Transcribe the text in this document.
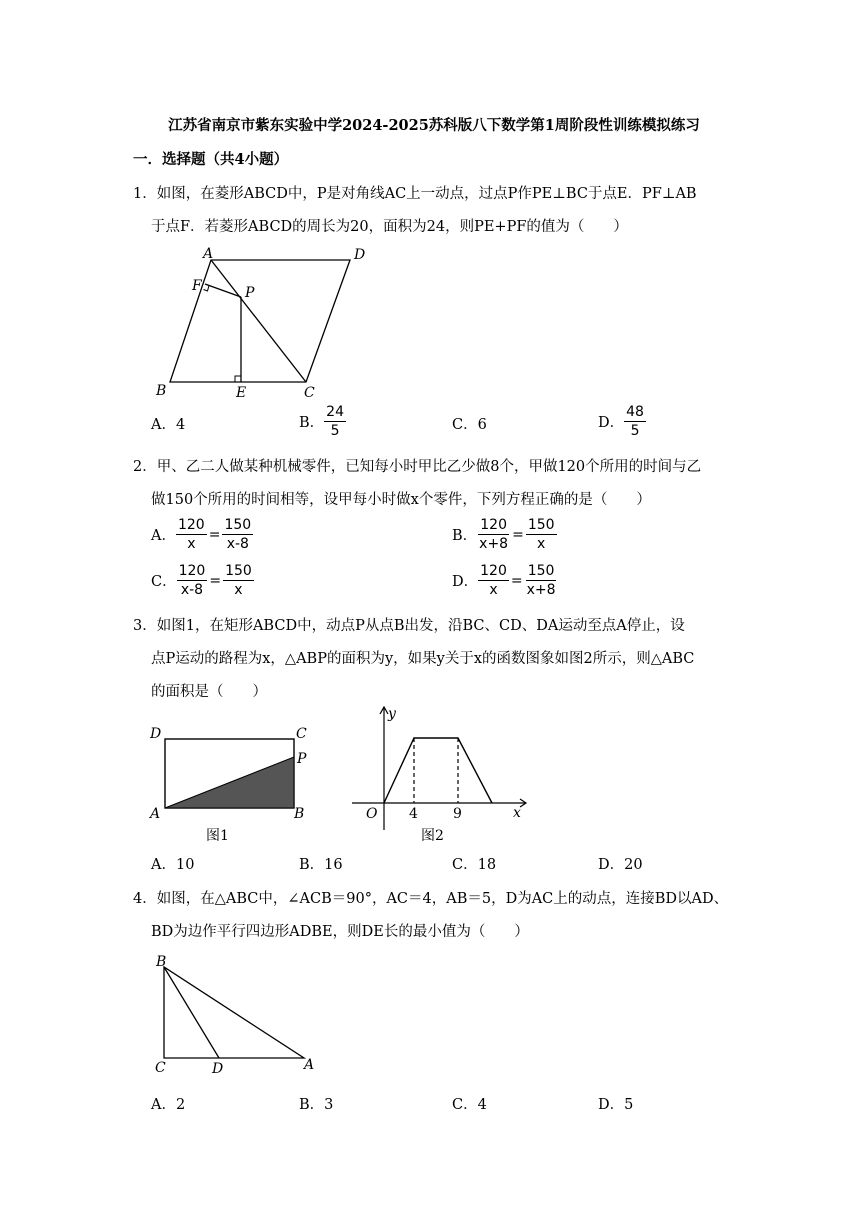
江苏省南京市紫东实验中学2024-2025苏科版八下数学第1周阶段性训练模拟练习
一．选择题（共4小题）
1．如图，在菱形ABCD中，P是对角线AC上一动点，过点P作PE⊥BC于点E．PF⊥AB
于点F．若菱形ABCD的周长为20，面积为24，则PE+PF的值为（　　）
A	D
F	P
B	E	C
A．4	B． $\frac{24}{5}$	C．6	D． $\frac{48}{5}$
2．甲、乙二人做某种机械零件，已知每小时甲比乙少做8个，甲做120个所用的时间与乙
做150个所用的时间相等，设甲每小时做x个零件，下列方程正确的是（　　）
A． $\frac{120}{x} = \frac{150}{x-8}$	B． $\frac{120}{x+8} = \frac{150}{x}$
C． $\frac{120}{x-8} = \frac{150}{x}$	D． $\frac{120}{x} = \frac{150}{x+8}$
3．如图1，在矩形ABCD中，动点P从点B出发，沿BC、CD、DA运动至点A停止，设
点P运动的路程为x，△ABP的面积为y，如果y关于x的函数图象如图2所示，则△ABC
的面积是（　　）
D	C
P
A	B
图1
y
x
O 4	9
图2
A．10	B．16	C．18	D．20
4．如图，在△ABC中，∠ACB＝90°，AC＝4，AB＝5，D为AC上的动点，连接BD以AD、
BD为边作平行四边形ADBE，则DE长的最小值为（　　）
B
C	D	A
A．2	B．3	C．4	D．5
